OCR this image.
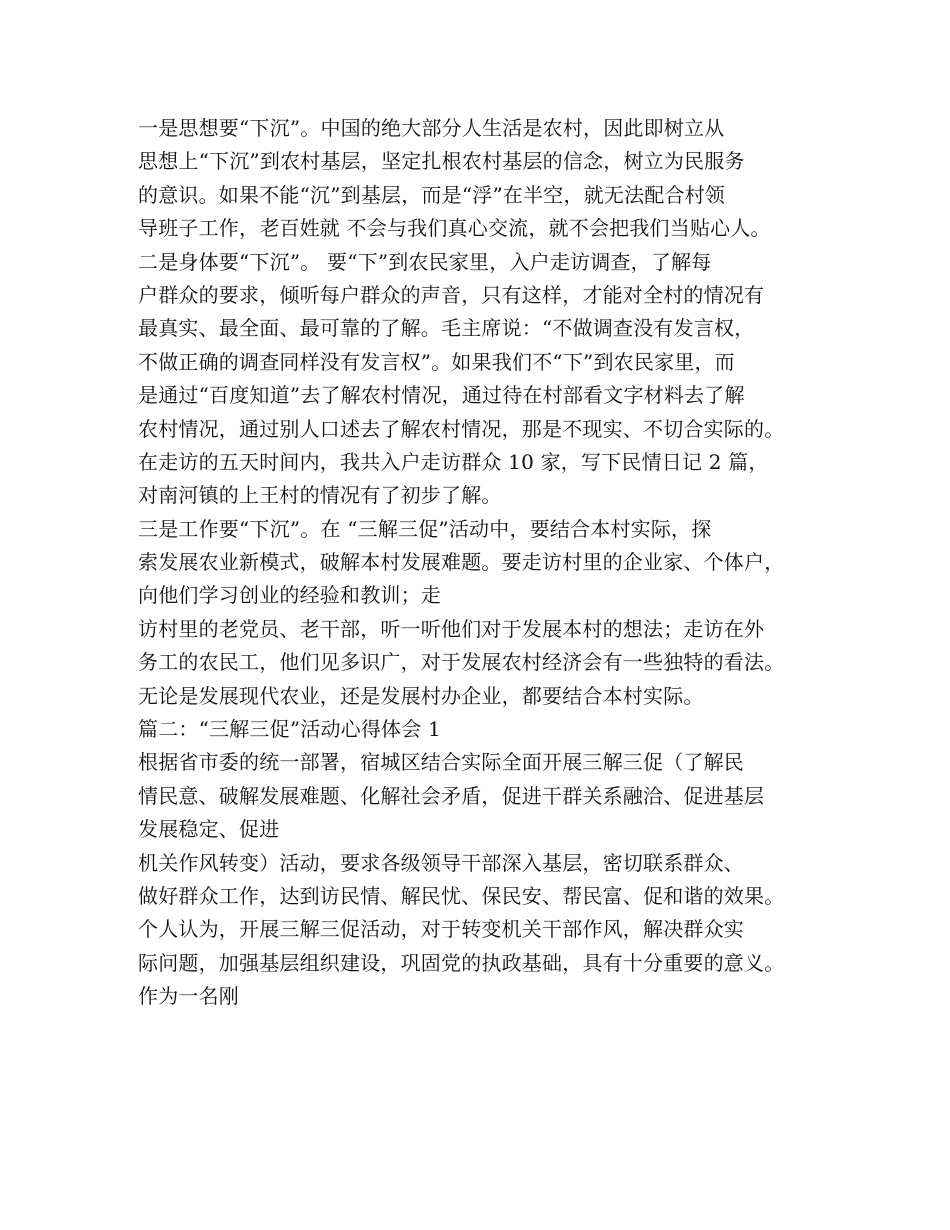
一是思想要“下沉”。中国的绝大部分人生活是农村，因此即树立从
思想上“下沉”到农村基层，坚定扎根农村基层的信念，树立为民服务
的意识。如果不能“沉”到基层，而是“浮”在半空，就无法配合村领
导班子工作，老百姓就 不会与我们真心交流，就不会把我们当贴心人。
二是身体要“下沉”。 要“下”到农民家里，入户走访调查，了解每
户群众的要求，倾听每户群众的声音，只有这样，才能对全村的情况有
最真实、最全面、最可靠的了解。毛主席说：“不做调查没有发言权，
不做正确的调查同样没有发言权”。如果我们不“下”到农民家里，而
是通过“百度知道”去了解农村情况，通过待在村部看文字材料去了解
农村情况，通过别人口述去了解农村情况，那是不现实、不切合实际的。
在走访的五天时间内，我共入户走访群众 10 家，写下民情日记 2 篇，
对南河镇的上王村的情况有了初步了解。
三是工作要“下沉”。在 “三解三促”活动中，要结合本村实际，探
索发展农业新模式，破解本村发展难题。要走访村里的企业家、个体户，
向他们学习创业的经验和教训；走
访村里的老党员、老干部，听一听他们对于发展本村的想法；走访在外
务工的农民工，他们见多识广，对于发展农村经济会有一些独特的看法。
无论是发展现代农业，还是发展村办企业，都要结合本村实际。
篇二：“三解三促”活动心得体会 1
根据省市委的统一部署，宿城区结合实际全面开展三解三促（了解民
情民意、破解发展难题、化解社会矛盾，促进干群关系融洽、促进基层
发展稳定、促进
机关作风转变）活动，要求各级领导干部深入基层，密切联系群众、
做好群众工作，达到访民情、解民忧、保民安、帮民富、促和谐的效果。
个人认为，开展三解三促活动，对于转变机关干部作风，解决群众实
际问题，加强基层组织建设，巩固党的执政基础，具有十分重要的意义。
作为一名刚
